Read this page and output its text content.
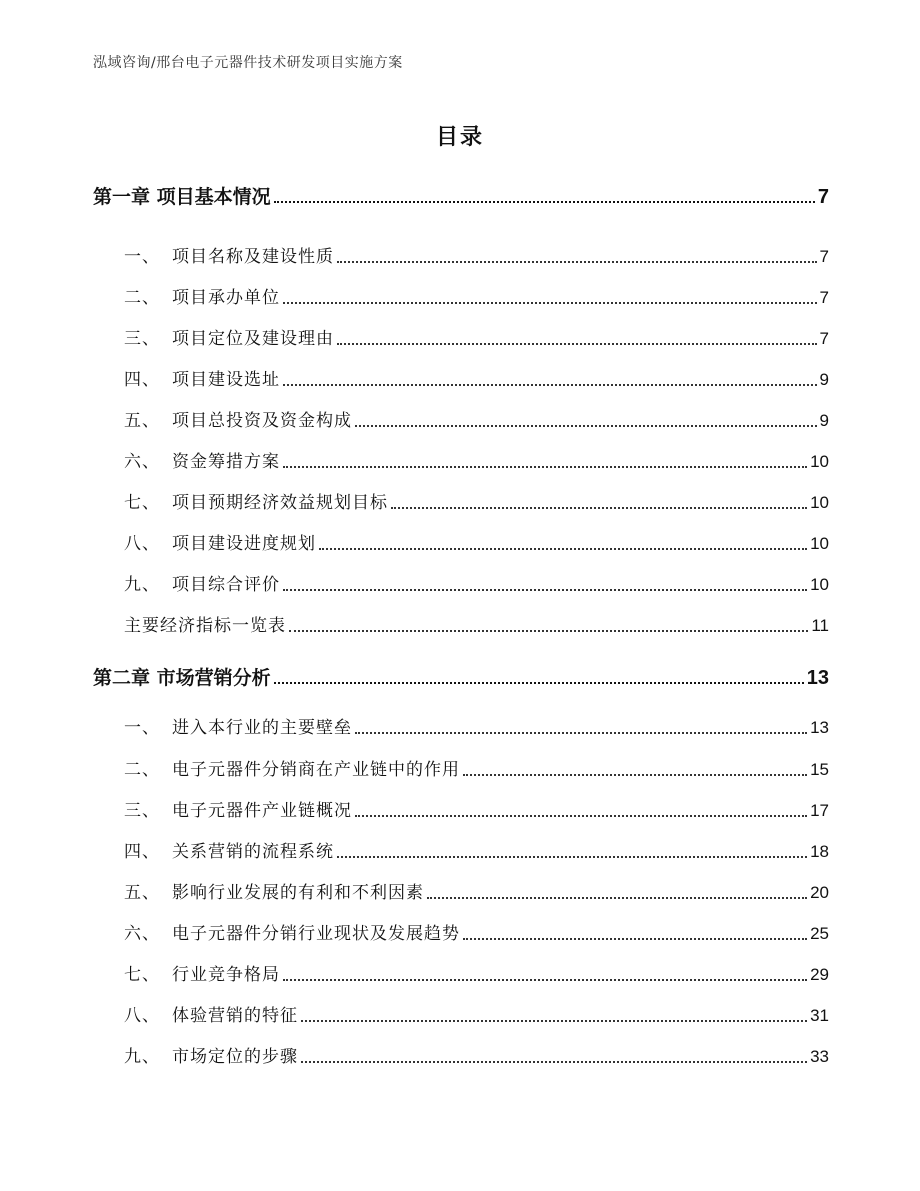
泓域咨询/邢台电子元器件技术研发项目实施方案
目录
第一章 项目基本情况	7
一、 项目名称及建设性质	7
二、 项目承办单位	7
三、 项目定位及建设理由	7
四、 项目建设选址	9
五、 项目总投资及资金构成	9
六、 资金筹措方案	10
七、 项目预期经济效益规划目标	10
八、 项目建设进度规划	10
九、 项目综合评价	10
主要经济指标一览表	11
第二章 市场营销分析	13
一、 进入本行业的主要壁垒	13
二、 电子元器件分销商在产业链中的作用	15
三、 电子元器件产业链概况	17
四、 关系营销的流程系统	18
五、 影响行业发展的有利和不利因素	20
六、 电子元器件分销行业现状及发展趋势	25
七、 行业竞争格局	29
八、 体验营销的特征	31
九、 市场定位的步骤	33
